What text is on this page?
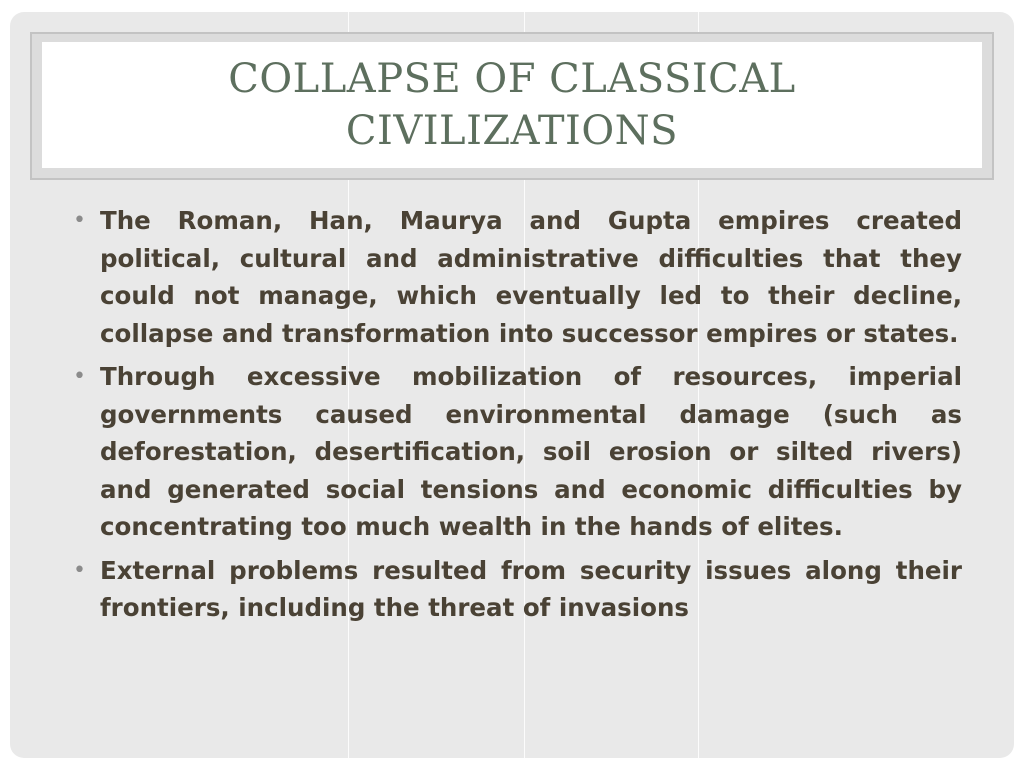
COLLAPSE OF CLASSICAL
CIVILIZATIONS
• The Roman, Han, Maurya and Gupta empires created political, cultural and administrative difficulties that they could not manage, which eventually led to their decline, collapse and transformation into successor empires or states.
• Through excessive mobilization of resources, imperial governments caused environmental damage (such as deforestation, desertification, soil erosion or silted rivers) and generated social tensions and economic difficulties by concentrating too much wealth in the hands of elites.
• External problems resulted from security issues along their frontiers, including the threat of invasions
